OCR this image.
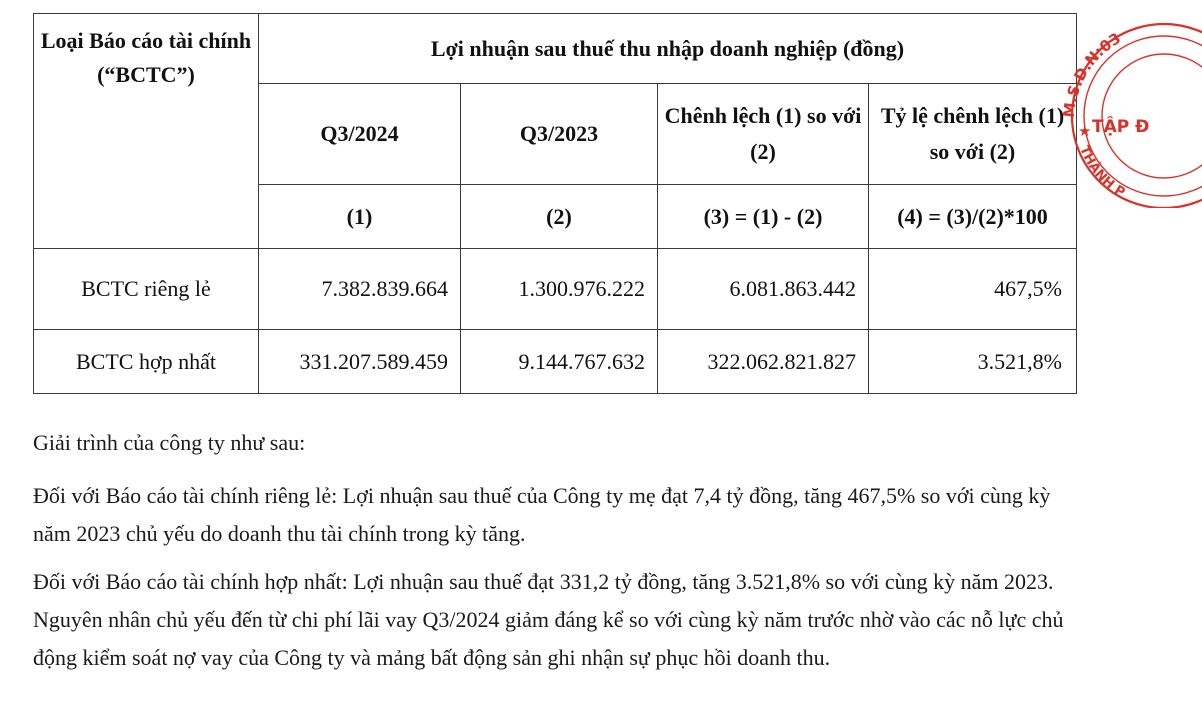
Loại Báo cáo tài chính (“BCTC”)	Lợi nhuận sau thuế thu nhập doanh nghiệp (đồng)			
	Q3/2024	Q3/2023	Chênh lệch (1) so với (2)	Tỷ lệ chênh lệch (1) so với (2)
	(1)	(2)	(3) = (1) - (2)	(4) = (3)/(2)*100
BCTC riêng lẻ	7.382.839.664	1.300.976.222	6.081.863.442	467,5%
BCTC hợp nhất	331.207.589.459	9.144.767.632	322.062.821.827	3.521,8%

Giải trình của công ty như sau:

Đối với Báo cáo tài chính riêng lẻ: Lợi nhuận sau thuế của Công ty mẹ đạt 7,4 tỷ đồng, tăng 467,5% so với cùng kỳ năm 2023 chủ yếu do doanh thu tài chính trong kỳ tăng.

Đối với Báo cáo tài chính hợp nhất: Lợi nhuận sau thuế đạt 331,2 tỷ đồng, tăng 3.521,8% so với cùng kỳ năm 2023. Nguyên nhân chủ yếu đến từ chi phí lãi vay Q3/2024 giảm đáng kể so với cùng kỳ năm trước nhờ vào các nỗ lực chủ động kiểm soát nợ vay của Công ty và mảng bất động sản ghi nhận sự phục hồi doanh thu.

M.S.D.N:03
THÀNH P
★ TẬP Đ
